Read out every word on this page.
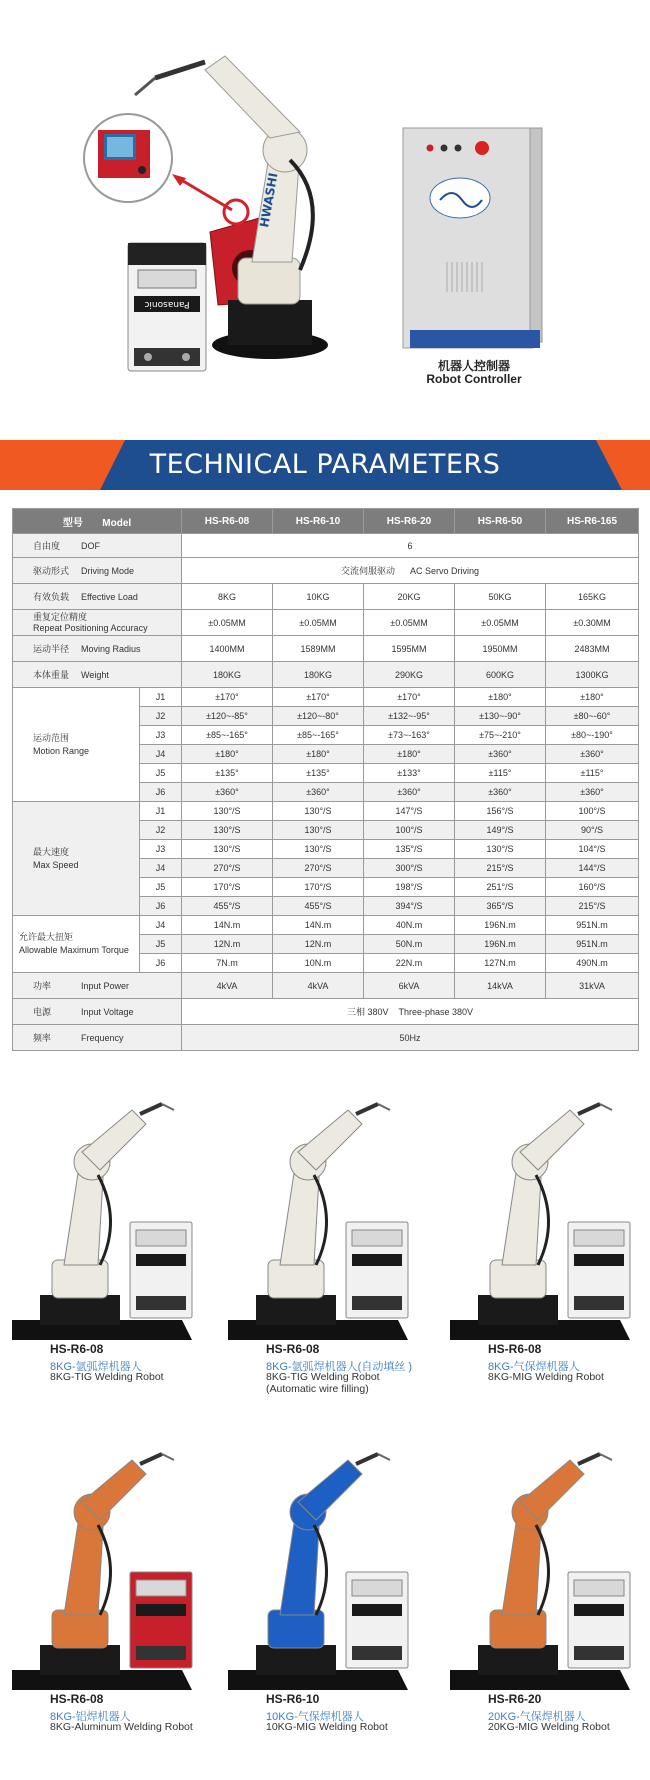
Panasonic
HWASHI
机器人控制器
Robot Controller
TECHNICAL PARAMETERS
型号 Model		HS-R6-08	HS-R6-10	HS-R6-20	HS-R6-50	HS-R6-165
自由度 DOF		6				
驱动形式 Driving Mode		交流伺服驱动 AC Servo Driving				
有效负载 Effective Load		8KG	10KG	20KG	50KG	165KG
重复定位精度
Repeat Positioning Accuracy		±0.05MM	±0.05MM	±0.05MM	±0.05MM	±0.30MM
运动半径 Moving Radius		1400MM	1589MM	1595MM	1950MM	2483MM
本体重量 Weight		180KG	180KG	290KG	600KG	1300KG
运动范围
Motion Range	J1	±170°	±170°	±170°	±180°	±180°
	J2	±120~-85°	±120~-80°	±132~-95°	±130~-90°	±80~-60°
	J3	±85~-165°	±85~-165°	±73~-163°	±75~-210°	±80~-190°
	J4	±180°	±180°	±180°	±360°	±360°
	J5	±135°	±135°	±133°	±115°	±115°
	J6	±360°	±360°	±360°	±360°	±360°
最大速度
Max Speed	J1	130°/S	130°/S	147°/S	156°/S	100°/S
	J2	130°/S	130°/S	100°/S	149°/S	90°/S
	J3	130°/S	130°/S	135°/S	130°/S	104°/S
	J4	270°/S	270°/S	300°/S	215°/S	144°/S
	J5	170°/S	170°/S	198°/S	251°/S	160°/S
	J6	455°/S	455°/S	394°/S	365°/S	215°/S
允许最大扭矩
Allowable Maximum Torque	J4	14N.m	14N.m	40N.m	196N.m	951N.m
	J5	12N.m	12N.m	50N.m	196N.m	951N.m
	J6	7N.m	10N.m	22N.m	127N.m	490N.m
功率 Input Power		4kVA	4kVA	6kVA	14kVA	31kVA
电源 Input Voltage		三相 380V Three-phase 380V				
频率 Frequency		50Hz				
HS-R6-08
8KG-氩弧焊机器人
8KG-TIG Welding Robot
HS-R6-08
8KG-氩弧焊机器人(自动填丝 )
8KG-TIG Welding Robot
(Automatic wire filling)
HS-R6-08
8KG-气保焊机器人
8KG-MIG Welding Robot
HS-R6-08
8KG-铝焊机器人
8KG-Aluminum Welding Robot
HS-R6-10
10KG-气保焊机器人
10KG-MIG Welding Robot
HS-R6-20
20KG-气保焊机器人
20KG-MIG Welding Robot
